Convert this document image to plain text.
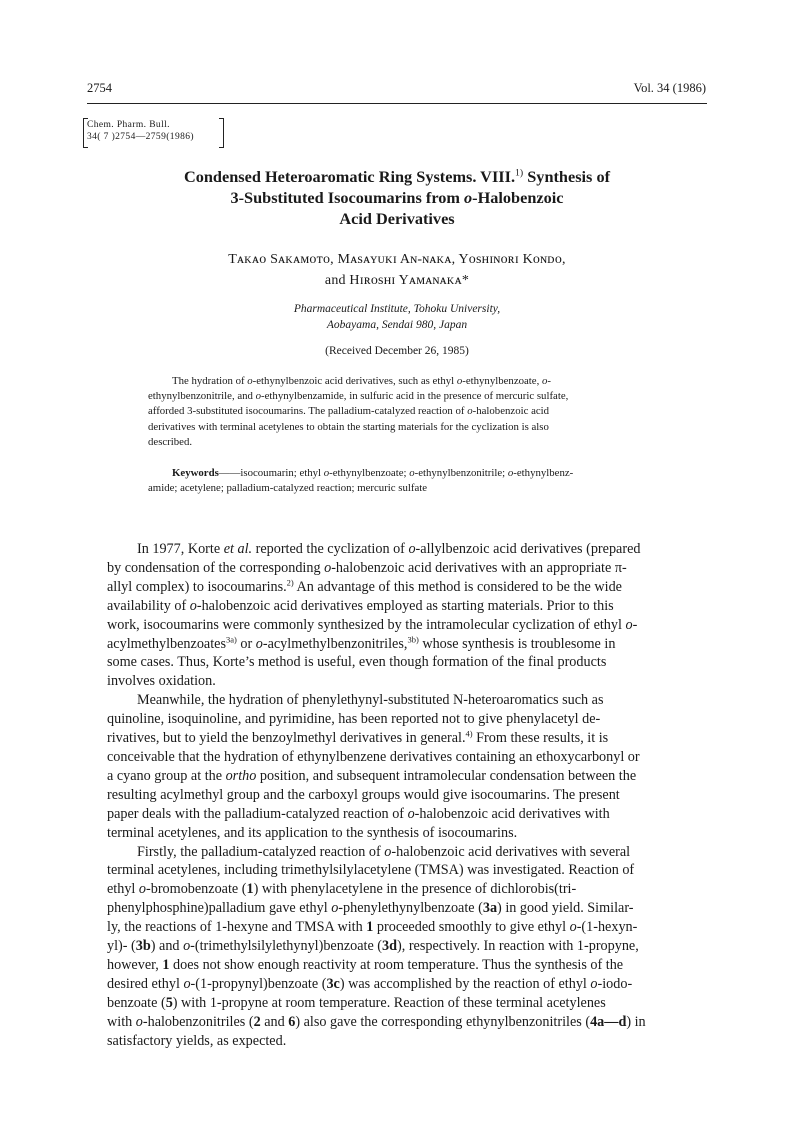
2754	Vol. 34 (1986)
Chem. Pharm. Bull.
34( 7 )2754—2759(1986)
Condensed Heteroaromatic Ring Systems. VIII.$^{1)}$ Synthesis of
3-Substituted Isocoumarins from o-Halobenzoic
Acid Derivatives
Tᴀᴋᴀᴏ Sᴀᴋᴀᴍᴏᴛᴏ, Mᴀsᴀʏᴜᴋɪ Aɴ-ɴᴀᴋᴀ, Yᴏsʜɪɴᴏʀɪ Kᴏɴᴅᴏ,
and Hɪʀᴏsʜɪ Yᴀᴍᴀɴᴀᴋᴀ*
Pharmaceutical Institute, Tohoku University,
Aobayama, Sendai 980, Japan
(Received December 26, 1985)
The hydration of o-ethynylbenzoic acid derivatives, such as ethyl o-ethynylbenzoate, o-
ethynylbenzonitrile, and o-ethynylbenzamide, in sulfuric acid in the presence of mercuric sulfate,
afforded 3-substituted isocoumarins. The palladium-catalyzed reaction of o-halobenzoic acid
derivatives with terminal acetylenes to obtain the starting materials for the cyclization is also
described.
Keywords——isocoumarin; ethyl o-ethynylbenzoate; o-ethynylbenzonitrile; o-ethynylbenz-
amide; acetylene; palladium-catalyzed reaction; mercuric sulfate
In 1977, Korte et al. reported the cyclization of o-allylbenzoic acid derivatives (prepared
by condensation of the corresponding o-halobenzoic acid derivatives with an appropriate π-
allyl complex) to isocoumarins.$^{2)}$ An advantage of this method is considered to be the wide
availability of o-halobenzoic acid derivatives employed as starting materials. Prior to this
work, isocoumarins were commonly synthesized by the intramolecular cyclization of ethyl o-
acylmethylbenzoates$^{3a)}$ or o-acylmethylbenzonitriles,$^{3b)}$ whose synthesis is troublesome in
some cases. Thus, Korte’s method is useful, even though formation of the final products
involves oxidation.
Meanwhile, the hydration of phenylethynyl-substituted N-heteroaromatics such as
quinoline, isoquinoline, and pyrimidine, has been reported not to give phenylacetyl de-
rivatives, but to yield the benzoylmethyl derivatives in general.$^{4)}$ From these results, it is
conceivable that the hydration of ethynylbenzene derivatives containing an ethoxycarbonyl or
a cyano group at the ortho position, and subsequent intramolecular condensation between the
resulting acylmethyl group and the carboxyl groups would give isocoumarins. The present
paper deals with the palladium-catalyzed reaction of o-halobenzoic acid derivatives with
terminal acetylenes, and its application to the synthesis of isocoumarins.
Firstly, the palladium-catalyzed reaction of o-halobenzoic acid derivatives with several
terminal acetylenes, including trimethylsilylacetylene (TMSA) was investigated. Reaction of
ethyl o-bromobenzoate (1) with phenylacetylene in the presence of dichlorobis(tri-
phenylphosphine)palladium gave ethyl o-phenylethynylbenzoate (3a) in good yield. Similar-
ly, the reactions of 1-hexyne and TMSA with 1 proceeded smoothly to give ethyl o-(1-hexyn-
yl)- (3b) and o-(trimethylsilylethynyl)benzoate (3d), respectively. In reaction with 1-propyne,
however, 1 does not show enough reactivity at room temperature. Thus the synthesis of the
desired ethyl o-(1-propynyl)benzoate (3c) was accomplished by the reaction of ethyl o-iodo-
benzoate (5) with 1-propyne at room temperature. Reaction of these terminal acetylenes
with o-halobenzonitriles (2 and 6) also gave the corresponding ethynylbenzonitriles (4a—d) in
satisfactory yields, as expected.
